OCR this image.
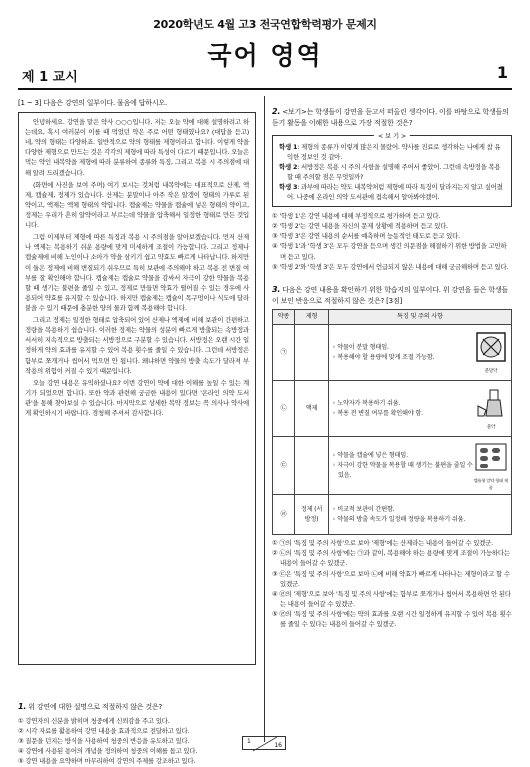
2020학년도 4월 고3 전국연합학력평가 문제지
국어 영역
제 1 교시	1
[1 ~ 3] 다음은 강연의 일부이다. 물음에 답하시오.

안녕하세요. 강연을 맡은 약사 ○○○입니다. 저는 오늘 약에 대해 설명하려고 하는데요, 혹시 여러분이 이를 때 먹었던 약은 주로 어떤 형태였나요? (대답을 듣고) 네, 약의 형태는 다양하죠. 일반적으로 약의 형태를 제형이라고 합니다. 이렇게 약을 다양한 제형으로 만드는 것은 각각의 제형에 따라 특성이 다르기 때문입니다. 오늘은 먹는 약인 내복약을 제형에 따라 분류하여 종류와 특징, 그리고 복용 시 주의점에 대해 알려 드리겠습니다.

(화면에 사진을 보여 주며) 여기 보시는 것처럼 내복약에는 대표적으로 산제, 액제, 캡슐제, 정제가 있습니다. 산제는 분말이나 아주 작은 알갱이 형태의 가루로 된 약이고, 액제는 액체 형태의 약입니다. 캡슐제는 약물을 캡슐에 넣은 형태의 약이고, 정제는 우리가 흔히 알약이라고 부르는데 약물을 압축해서 일정한 형태로 만든 것입니다.

그럼 이제부터 제형에 따른 특징과 복용 시 주의점을 알아보겠습니다. 먼저 산제나 액제는 복용하기 쉬운 용량에 맞게 미세하게 조절이 가능합니다. 그리고 정제나 캡슐제에 비해 노인이나 소아가 약을 삼키기 쉽고 약효도 빠르게 나타납니다. 하지만 이 둘은 정제에 비해 변질되기 쉬우므로 특히 보관에 주의해야 하고 복용 전 변질 여부를 잘 확인해야 합니다. 캡슐제는 캡슐로 약물을 감싸서 자극이 강한 약물을 복용할 때 생기는 불편을 줄일 수 있고, 정제로 만들면 약효가 떨어질 수 있는 경우에 사용되어 약효를 유지할 수 있습니다. 하지만 캡슐제는 캡슐이 목구멍이나 식도에 달라붙을 수 있기 때문에 충분한 양의 물과 함께 복용해야 합니다.

그리고 정제는 일정한 형태로 압축되어 있어 산제나 액제에 비해 보관이 간편하고 정량을 복용하기 쉽습니다. 이러한 정제는 약물의 성분이 빠르게 방출되는 속방정과 서서히 지속적으로 방출되는 서방정으로 구분할 수 있습니다. 서방정은 오랜 시간 일정하게 약의 효과를 유지할 수 있어 복용 횟수를 줄일 수 있습니다. 그런데 서방정은 함부로 쪼개거나 씹어서 먹으면 안 됩니다. 왜냐하면 약물의 방출 속도가 달라져 부작용의 위험이 커질 수 있기 때문입니다.

오늘 강연 내용은 유익하셨나요? 이번 강연이 약에 대한 이해를 높일 수 있는 계기가 되었으면 합니다. 또한 약과 관련해 궁금한 내용이 있다면 '온라인 의약 도서관'을 통해 찾아보실 수 있습니다. 마지막으로 상세한 복약 정보는 꼭 의사나 약사에게 확인하시기 바랍니다. 경청해 주셔서 감사합니다.

1. 위 강연에 대한 설명으로 적절하지 않은 것은?
① 강연자의 신분을 밝히며 청중에게 신뢰감을 주고 있다.
② 시각 자료를 활용하여 강연 내용을 효과적으로 전달하고 있다.
③ 질문을 던지는 방식을 사용하여 청중의 반응을 유도하고 있다.
④ 강연에 사용된 용어의 개념을 정의하여 청중의 이해를 돕고 있다.
⑤ 강연 내용을 요약하며 마무리하여 강연의 주제를 강조하고 있다.
2. <보기>는 학생들이 강연을 듣고서 떠올린 생각이다. 이를 바탕으로 학생들의 듣기 활동을 이해한 내용으로 가장 적절한 것은?
< 보 기 >
학생 1: 제형의 종류가 이렇게 많은지 몰랐어. 약사를 진료로 생각하는 나에게 참 유익한 정보인 것 같아.
학생 2: 서방정은 복용 시 주의 사항을 설명해 주어서 좋았어. 그런데 속방정을 복용할 때 주의할 점은 무엇일까?
학생 3: 과부에 따라는 약도 내복약처럼 제형에 따라 특징이 달라지는지 알고 싶어졌어. 나중에 온라인 의약 도서관에 접속해서 알아봐야겠어.
① '학생 1'은 강연 내용에 대해 부정적으로 평가하며 듣고 있다.
② '학생 2'는 강연 내용을 자신의 문제 상황에 적용하며 듣고 있다.
③ '학생 3'은 강연 내용의 순서를 예측하며 능동적인 태도로 듣고 있다.
④ '학생 1'과 '학생 3'은 모두 강연을 듣으며 생긴 의문점을 해결하기 위한 방법을 고민하며 듣고 있다.
⑤ '학생 2'와 '학생 3'은 모두 강연에서 언급되지 않은 내용에 대해 궁금해하며 듣고 있다.
3. 다음은 강연 내용을 확인하기 위한 학습지의 일부이다. 위 강연을 들은 학생들이 보인 반응으로 적절하지 않은 것은? [3점]
약종	제형	특징 및 주의 사항
㉠		◦ 약물이 분말 형태임.
◦ 복용해야 할 용량에 맞게 조절 가능함.
분말약

㉡	액제	◦ 노약자가 복용하기 쉬움.
◦ 복용 전 변질 여부를 확인해야 함.
물약

㉢		◦ 약물을 캡슐에 넣은 형태임.
◦ 자극이 강한 약물을 복용할 때 생기는 불편을 줄일 수 있음.
캡슐형 알약 형태 제품

㉣	정제 (서방정)	◦ 비교적 보관이 간편함.
◦ 약물의 방출 속도가 일정해 정량을 복용하기 쉬움.
① ㉠의 '특징 및 주의 사항'으로 보아 '제형'에는 산제라는 내용이 들어갈 수 있겠군.
② ㉡의 '특징 및 주의 사항'에는 ㉠과 같이, 복용해야 하는 용량에 맞게 조절이 가능하다는 내용이 들어갈 수 있겠군.
③ ㉢은 '특징 및 주의 사항'으로 보아 ㉡에 비해 약효가 빠르게 나타나는 제형이라고 할 수 있겠군.
④ ㉣의 '제형'으로 보아 '특징 및 주의 사항'에는 함부로 쪼개거나 씹어서 복용하면 안 된다는 내용이 들어갈 수 있겠군.
⑤ ㉣의 '특징 및 주의 사항'에는 약의 효과를 오랜 시간 일정하게 유지할 수 있어 복용 횟수를 줄일 수 있다는 내용이 들어갈 수 있겠군.
1
16
